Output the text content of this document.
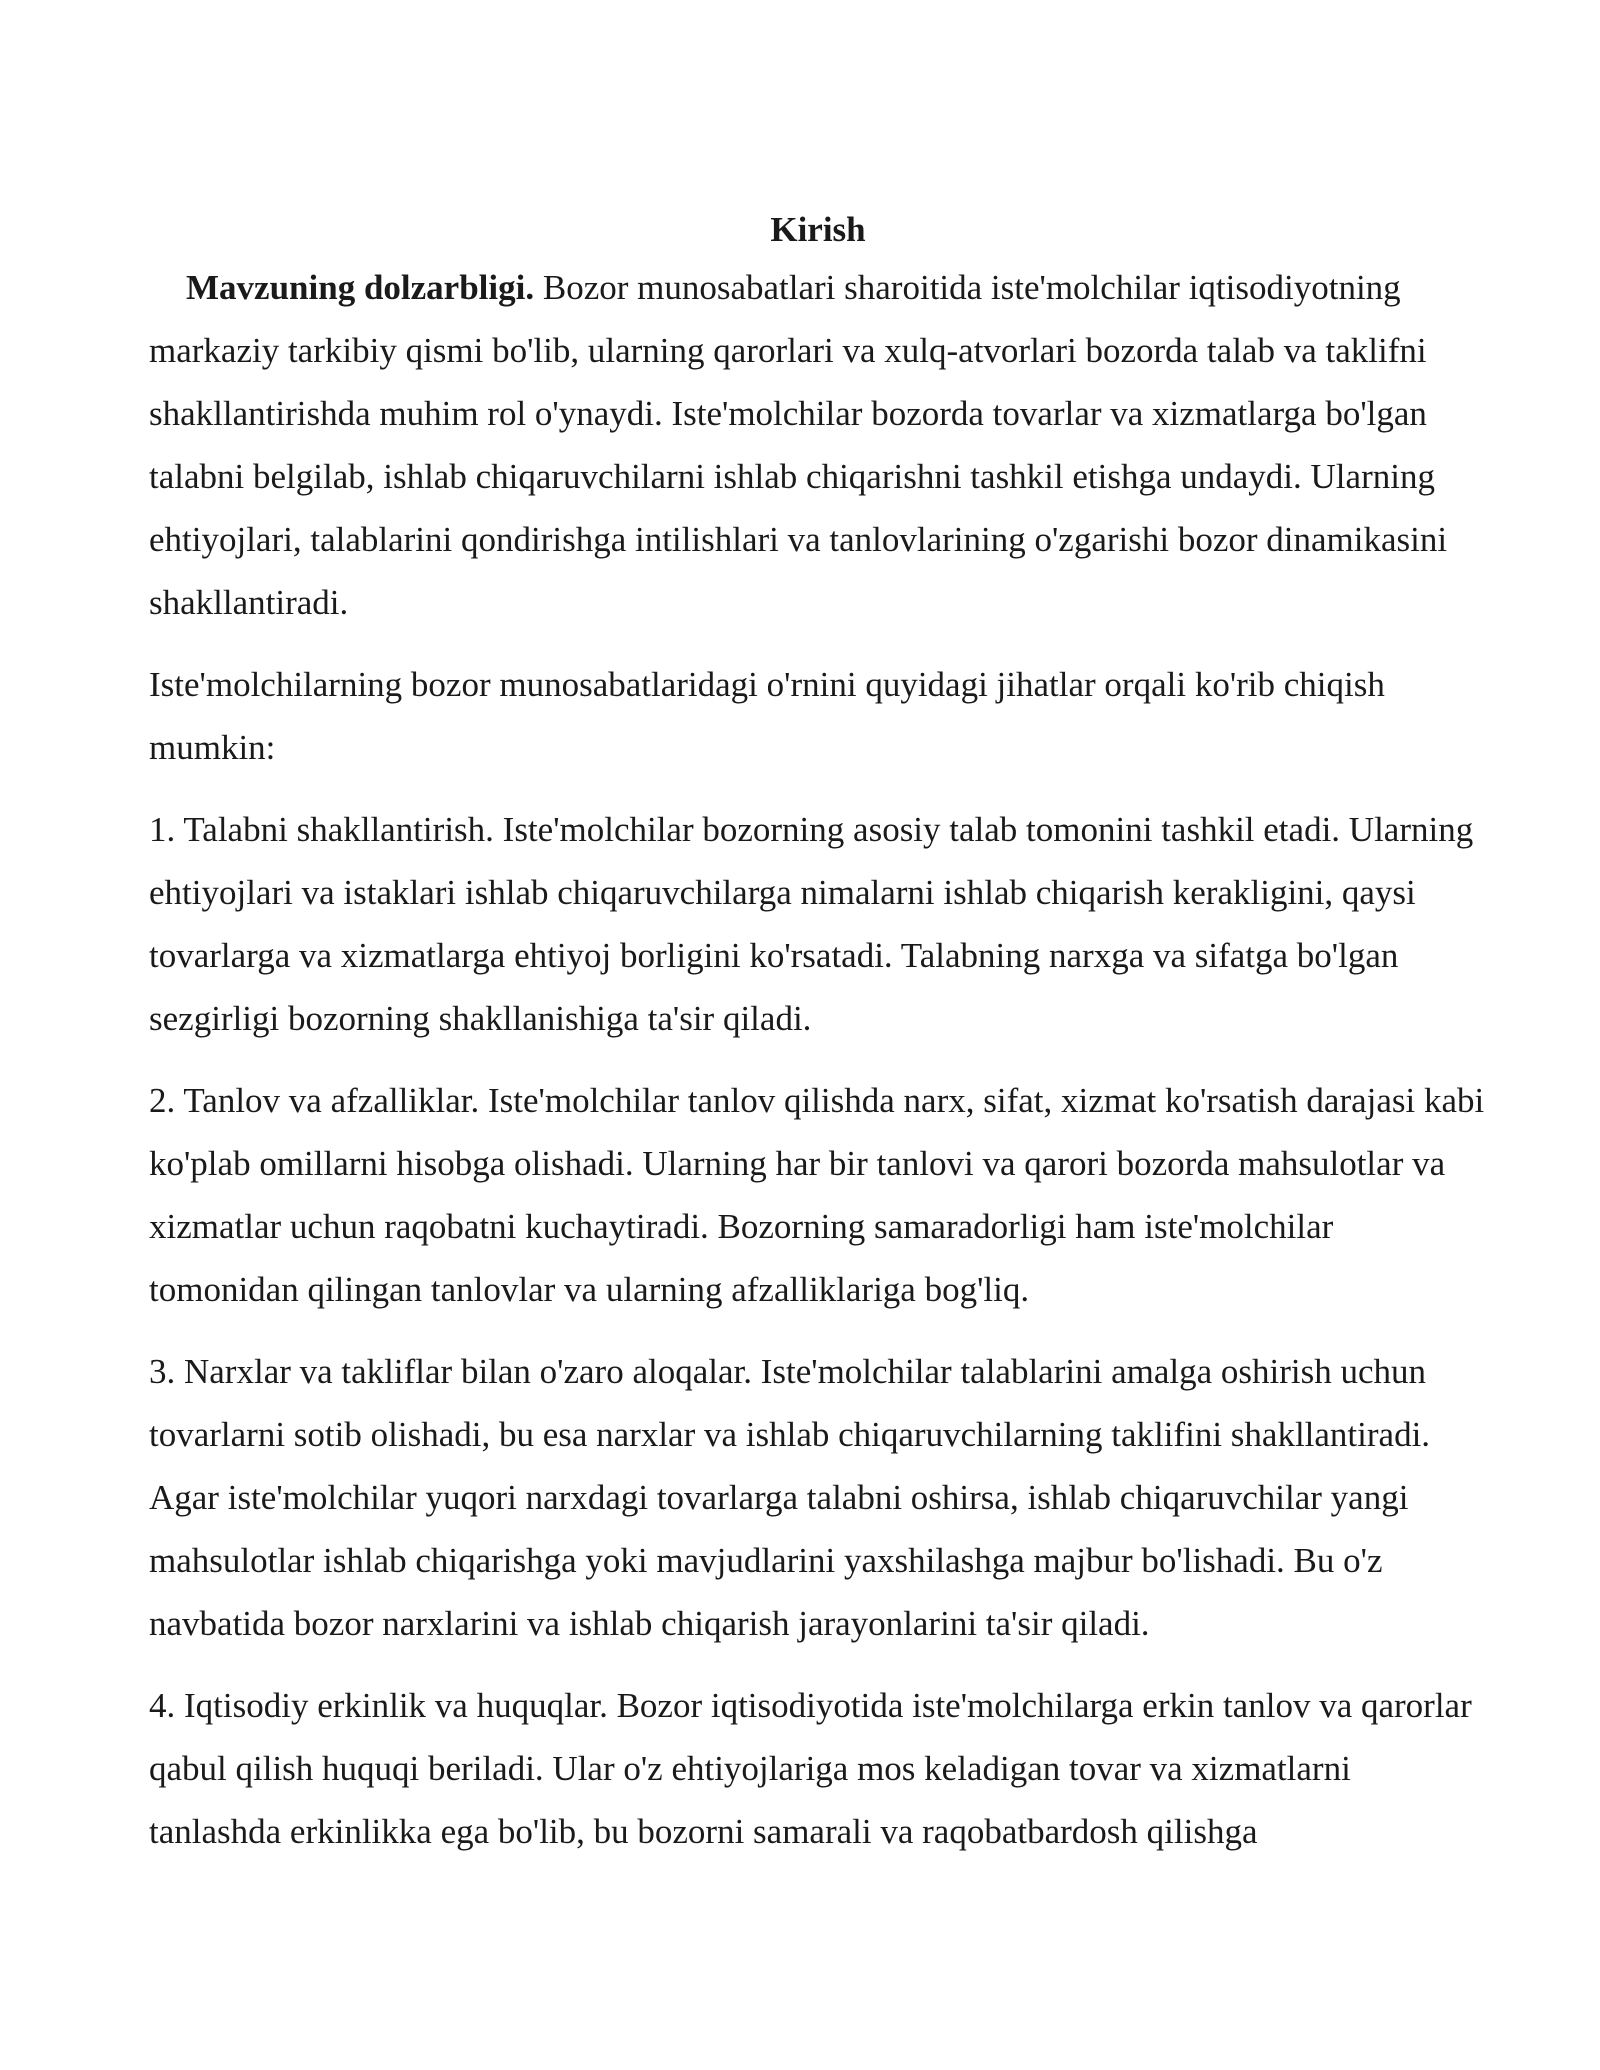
Kirish

Mavzuning dolzarbligi. Bozor munosabatlari sharoitida iste'molchilar iqtisodiyotning markaziy tarkibiy qismi bo'lib, ularning qarorlari va xulq-atvorlari bozorda talab va taklifni shakllantirishda muhim rol o'ynaydi. Iste'molchilar bozorda tovarlar va xizmatlarga bo'lgan talabni belgilab, ishlab chiqaruvchilarni ishlab chiqarishni tashkil etishga undaydi. Ularning ehtiyojlari, talablarini qondirishga intilishlari va tanlovlarining o'zgarishi bozor dinamikasini shakllantiradi.

Iste'molchilarning bozor munosabatlaridagi o'rnini quyidagi jihatlar orqali ko'rib chiqish mumkin:

1. Talabni shakllantirish. Iste'molchilar bozorning asosiy talab tomonini tashkil etadi. Ularning ehtiyojlari va istaklari ishlab chiqaruvchilarga nimalarni ishlab chiqarish kerakligini, qaysi tovarlarga va xizmatlarga ehtiyoj borligini ko'rsatadi. Talabning narxga va sifatga bo'lgan sezgirligi bozorning shakllanishiga ta'sir qiladi.

2. Tanlov va afzalliklar. Iste'molchilar tanlov qilishda narx, sifat, xizmat ko'rsatish darajasi kabi ko'plab omillarni hisobga olishadi. Ularning har bir tanlovi va qarori bozorda mahsulotlar va xizmatlar uchun raqobatni kuchaytiradi. Bozorning samaradorligi ham iste'molchilar tomonidan qilingan tanlovlar va ularning afzalliklariga bog'liq.

3. Narxlar va takliflar bilan o'zaro aloqalar. Iste'molchilar talablarini amalga oshirish uchun tovarlarni sotib olishadi, bu esa narxlar va ishlab chiqaruvchilarning taklifini shakllantiradi. Agar iste'molchilar yuqori narxdagi tovarlarga talabni oshirsa, ishlab chiqaruvchilar yangi mahsulotlar ishlab chiqarishga yoki mavjudlarini yaxshilashga majbur bo'lishadi. Bu o'z navbatida bozor narxlarini va ishlab chiqarish jarayonlarini ta'sir qiladi.

4. Iqtisodiy erkinlik va huquqlar. Bozor iqtisodiyotida iste'molchilarga erkin tanlov va qarorlar qabul qilish huquqi beriladi. Ular o'z ehtiyojlariga mos keladigan tovar va xizmatlarni tanlashda erkinlikka ega bo'lib, bu bozorni samarali va raqobatbardosh qilishga
